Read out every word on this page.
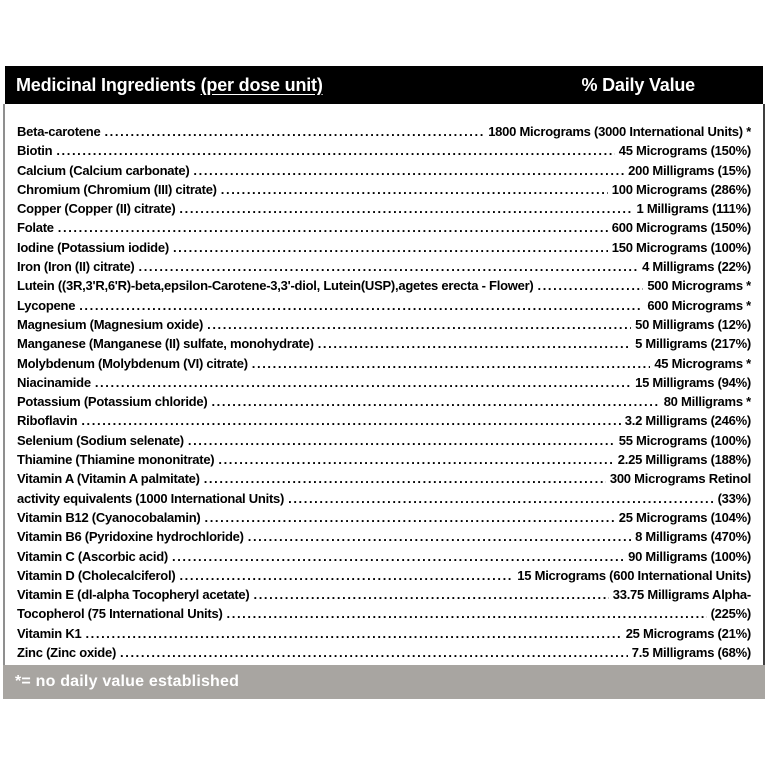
Medicinal Ingredients (per dose unit)	% Daily Value
Beta-carotene .....	1800 Micrograms (3000 International Units) *
Biotin .....	45 Micrograms (150%)
Calcium (Calcium carbonate) .....	200 Milligrams (15%)
Chromium (Chromium (III) citrate) .....	100 Micrograms (286%)
Copper (Copper (II) citrate) .....	1 Milligrams (111%)
Folate .....	600 Micrograms (150%)
Iodine (Potassium iodide) .....	150 Micrograms (100%)
Iron (Iron (II) citrate) .....	4 Milligrams (22%)
Lutein ((3R,3'R,6'R)-beta,epsilon-Carotene-3,3'-diol, Lutein(USP),agetes erecta - Flower) .....	500 Micrograms *
Lycopene .....	600 Micrograms *
Magnesium (Magnesium oxide) .....	50 Milligrams (12%)
Manganese (Manganese (II) sulfate, monohydrate) .....	5 Milligrams (217%)
Molybdenum (Molybdenum (VI) citrate) .....	45 Micrograms *
Niacinamide .....	15 Milligrams (94%)
Potassium (Potassium chloride) .....	80 Milligrams *
Riboflavin .....	3.2 Milligrams (246%)
Selenium (Sodium selenate) .....	55 Micrograms (100%)
Thiamine (Thiamine mononitrate) .....	2.25 Milligrams (188%)
Vitamin A (Vitamin A palmitate) .....	300 Micrograms Retinol
activity equivalents (1000 International Units) .....	(33%)
Vitamin B12 (Cyanocobalamin) .....	25 Micrograms (104%)
Vitamin B6 (Pyridoxine hydrochloride) .....	8 Milligrams (470%)
Vitamin C (Ascorbic acid) .....	90 Milligrams (100%)
Vitamin D (Cholecalciferol) .....	15 Micrograms (600 International Units)
Vitamin E (dl-alpha Tocopheryl acetate) .....	33.75 Milligrams Alpha-
Tocopherol (75 International Units) .....	(225%)
Vitamin K1 .....	25 Micrograms (21%)
Zinc (Zinc oxide) .....	7.5 Milligrams (68%)
*= no daily value established
